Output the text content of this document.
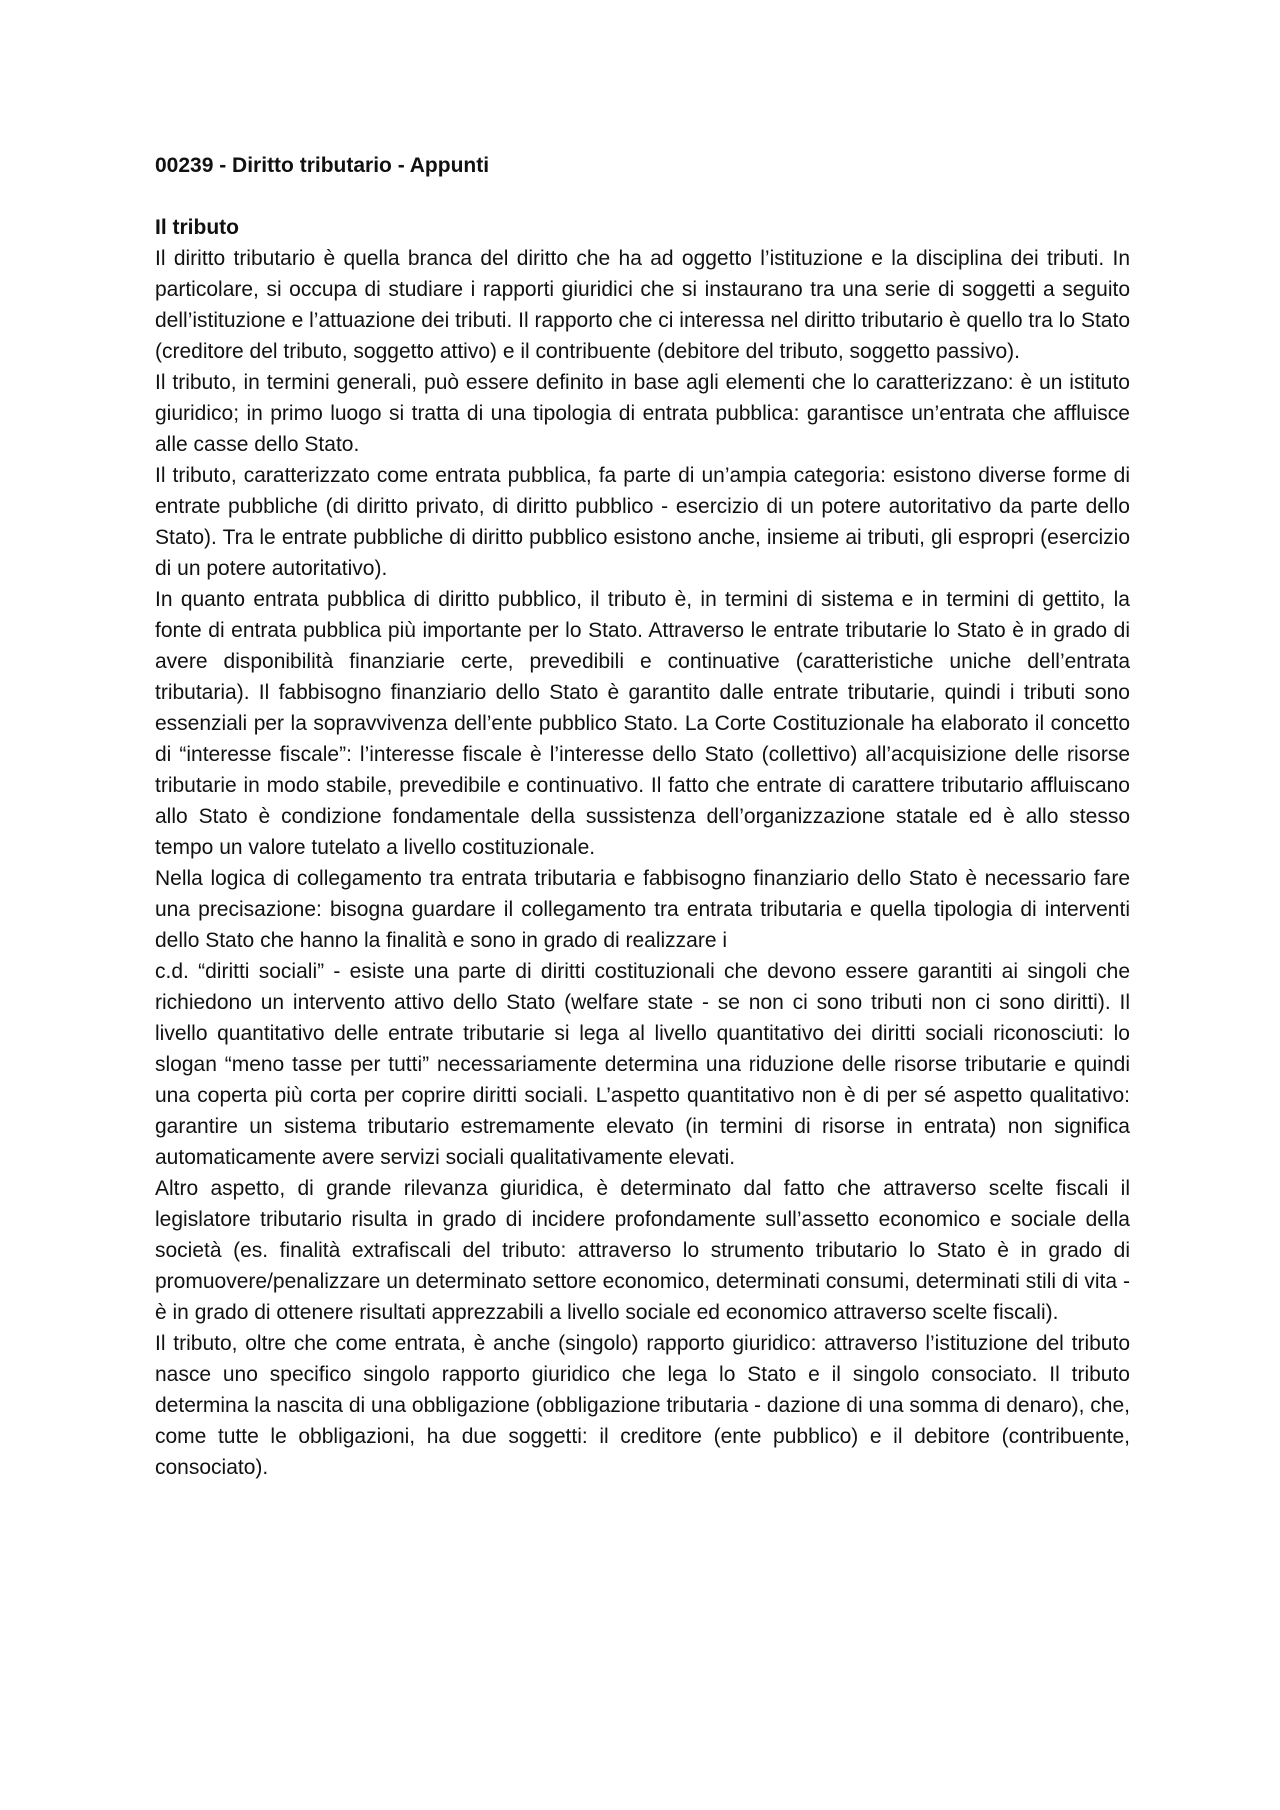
00239 - Diritto tributario - Appunti
Il tributo

Il diritto tributario è quella branca del diritto che ha ad oggetto l’istituzione e la disciplina dei tributi. In particolare, si occupa di studiare i rapporti giuridici che si instaurano tra una serie di soggetti a seguito dell’istituzione e l’attuazione dei tributi. Il rapporto che ci interessa nel diritto tributario è quello tra lo Stato (creditore del tributo, soggetto attivo) e il contribuente (debitore del tributo, soggetto passivo).

Il tributo, in termini generali, può essere definito in base agli elementi che lo caratterizzano: è un istituto giuridico; in primo luogo si tratta di una tipologia di entrata pubblica: garantisce un’entrata che affluisce alle casse dello Stato.

Il tributo, caratterizzato come entrata pubblica, fa parte di un’ampia categoria: esistono diverse forme di entrate pubbliche (di diritto privato, di diritto pubblico - esercizio di un potere autoritativo da parte dello Stato). Tra le entrate pubbliche di diritto pubblico esistono anche, insieme ai tributi, gli espropri (esercizio di un potere autoritativo).

In quanto entrata pubblica di diritto pubblico, il tributo è, in termini di sistema e in termini di gettito, la fonte di entrata pubblica più importante per lo Stato. Attraverso le entrate tributarie lo Stato è in grado di avere disponibilità finanziarie certe, prevedibili e continuative (caratteristiche uniche dell’entrata tributaria). Il fabbisogno finanziario dello Stato è garantito dalle entrate tributarie, quindi i tributi sono essenziali per la sopravvivenza dell’ente pubblico Stato. La Corte Costituzionale ha elaborato il concetto di “interesse fiscale”: l’interesse fiscale è l’interesse dello Stato (collettivo) all’acquisizione delle risorse tributarie in modo stabile, prevedibile e continuativo. Il fatto che entrate di carattere tributario affluiscano allo Stato è condizione fondamentale della sussistenza dell’organizzazione statale ed è allo stesso tempo un valore tutelato a livello costituzionale.

Nella logica di collegamento tra entrata tributaria e fabbisogno finanziario dello Stato è necessario fare una precisazione: bisogna guardare il collegamento tra entrata tributaria e quella tipologia di interventi dello Stato che hanno la finalità e sono in grado di realizzare i

c.d. “diritti sociali” - esiste una parte di diritti costituzionali che devono essere garantiti ai singoli che richiedono un intervento attivo dello Stato (welfare state - se non ci sono tributi non ci sono diritti). Il livello quantitativo delle entrate tributarie si lega al livello quantitativo dei diritti sociali riconosciuti: lo slogan “meno tasse per tutti” necessariamente determina una riduzione delle risorse tributarie e quindi una coperta più corta per coprire diritti sociali. L’aspetto quantitativo non è di per sé aspetto qualitativo: garantire un sistema tributario estremamente elevato (in termini di risorse in entrata) non significa automaticamente avere servizi sociali qualitativamente elevati.

Altro aspetto, di grande rilevanza giuridica, è determinato dal fatto che attraverso scelte fiscali il legislatore tributario risulta in grado di incidere profondamente sull’assetto economico e sociale della società (es. finalità extrafiscali del tributo: attraverso lo strumento tributario lo Stato è in grado di promuovere/penalizzare un determinato settore economico, determinati consumi, determinati stili di vita - è in grado di ottenere risultati apprezzabili a livello sociale ed economico attraverso scelte fiscali).

Il tributo, oltre che come entrata, è anche (singolo) rapporto giuridico: attraverso l’istituzione del tributo nasce uno specifico singolo rapporto giuridico che lega lo Stato e il singolo consociato. Il tributo determina la nascita di una obbligazione (obbligazione tributaria - dazione di una somma di denaro), che, come tutte le obbligazioni, ha due soggetti: il creditore (ente pubblico) e il debitore (contribuente, consociato).
